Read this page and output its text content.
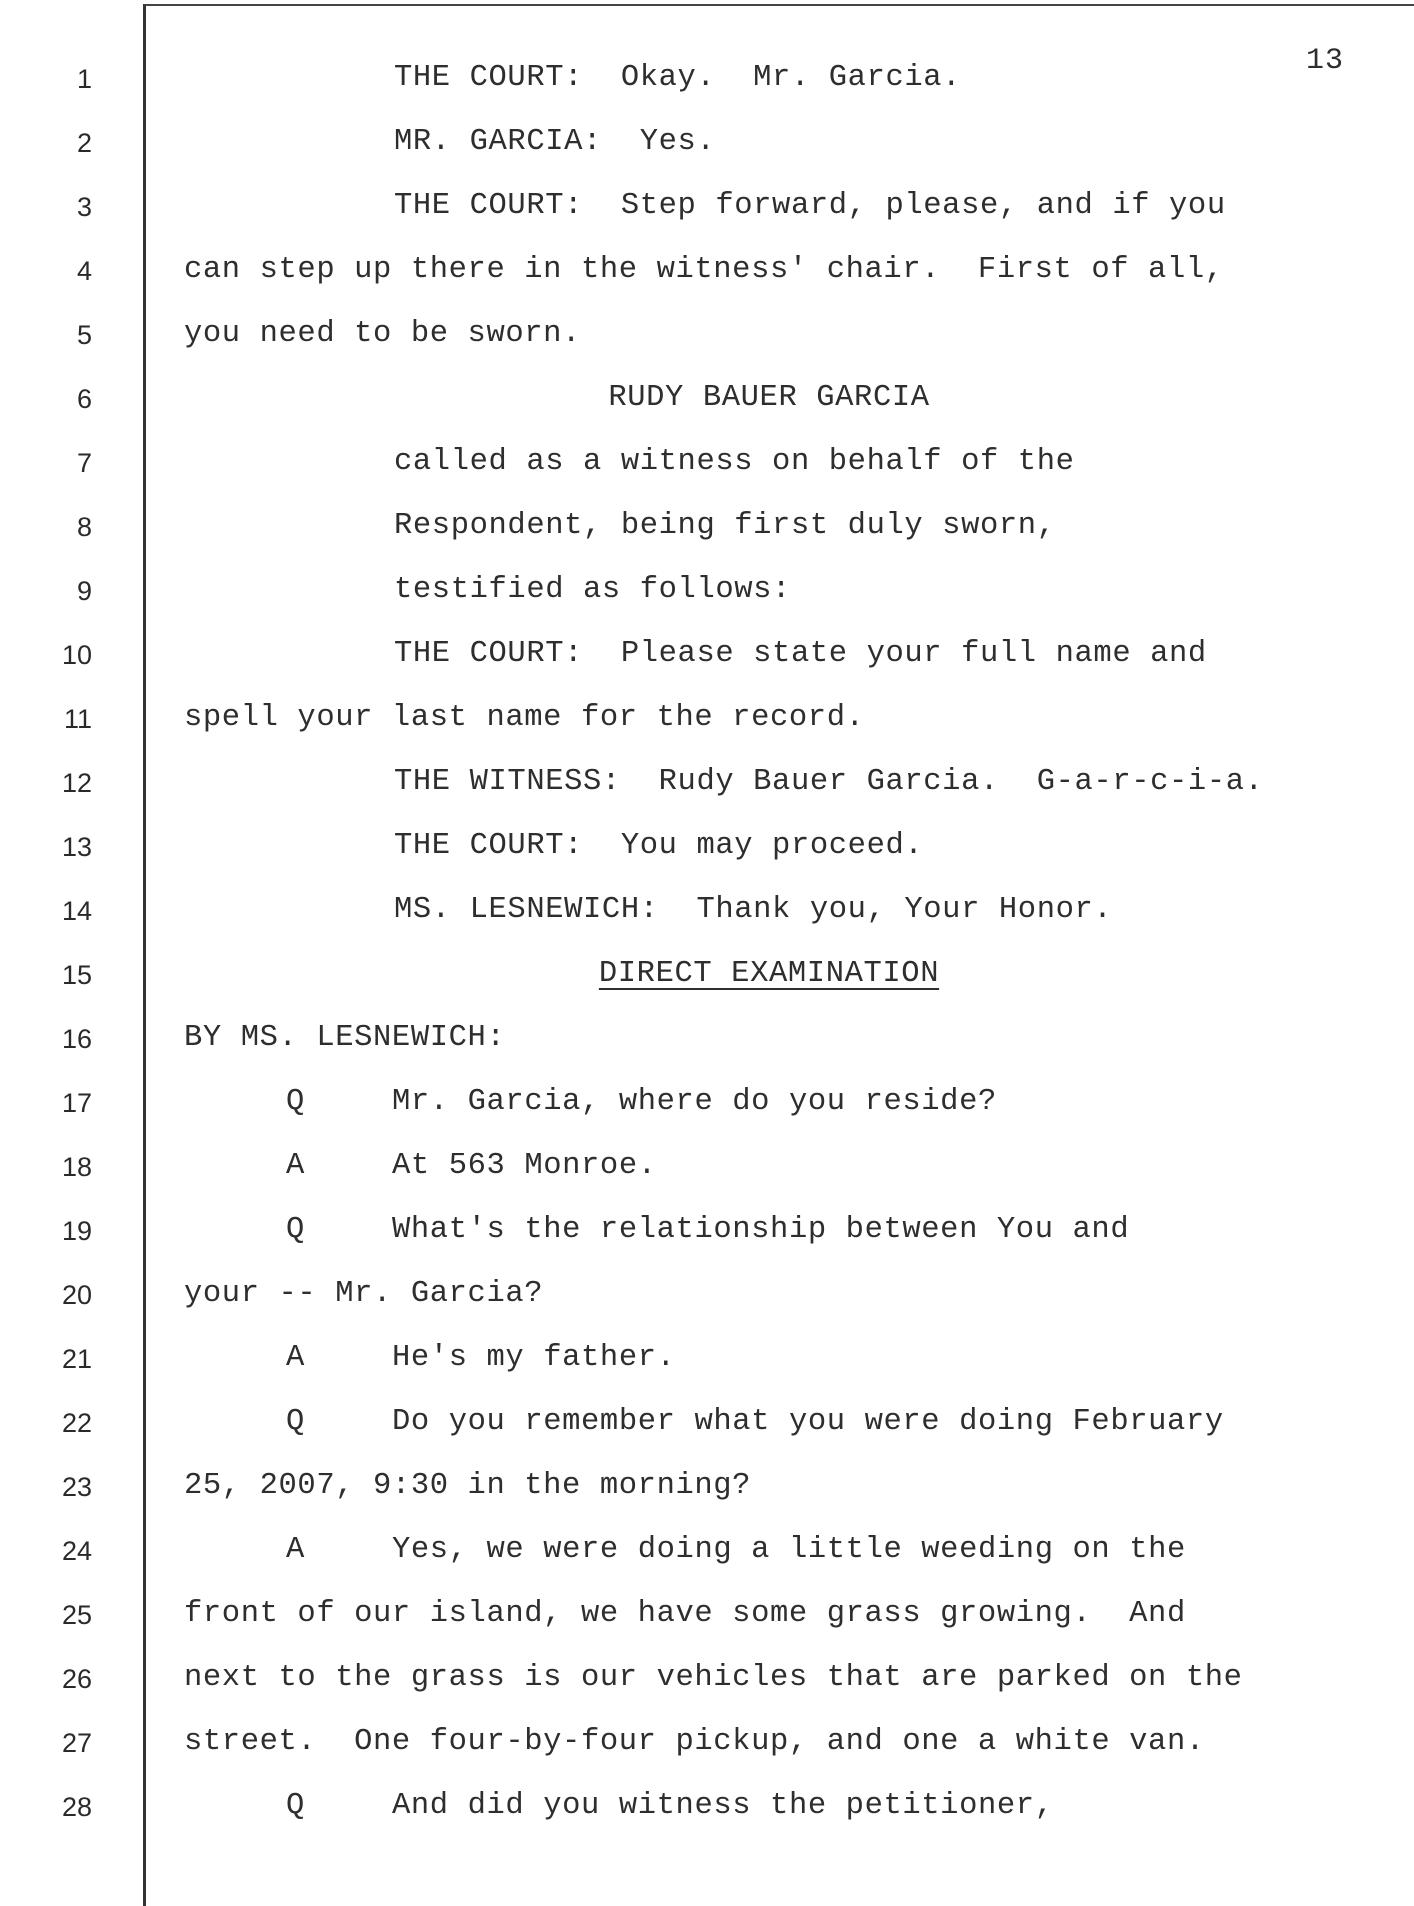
13
1	THE COURT:  Okay.  Mr. Garcia.
2	MR. GARCIA:  Yes.
3	THE COURT:  Step forward, please, and if you
4	can step up there in the witness' chair.  First of all,
5	you need to be sworn.
6	RUDY BAUER GARCIA
7	called as a witness on behalf of the
8	Respondent, being first duly sworn,
9	testified as follows:
10	THE COURT:  Please state your full name and
11	spell your last name for the record.
12	THE WITNESS:  Rudy Bauer Garcia.  G-a-r-c-i-a.
13	THE COURT:  You may proceed.
14	MS. LESNEWICH:  Thank you, Your Honor.
15	DIRECT EXAMINATION
16	BY MS. LESNEWICH:
17	Q	Mr. Garcia, where do you reside?
18	A	At 563 Monroe.
19	Q	What's the relationship between You and
20	your -- Mr. Garcia?
21	A	He's my father.
22	Q	Do you remember what you were doing February
23	25, 2007, 9:30 in the morning?
24	A	Yes, we were doing a little weeding on the
25	front of our island, we have some grass growing.  And
26	next to the grass is our vehicles that are parked on the
27	street.  One four-by-four pickup, and one a white van.
28	Q	And did you witness the petitioner,
